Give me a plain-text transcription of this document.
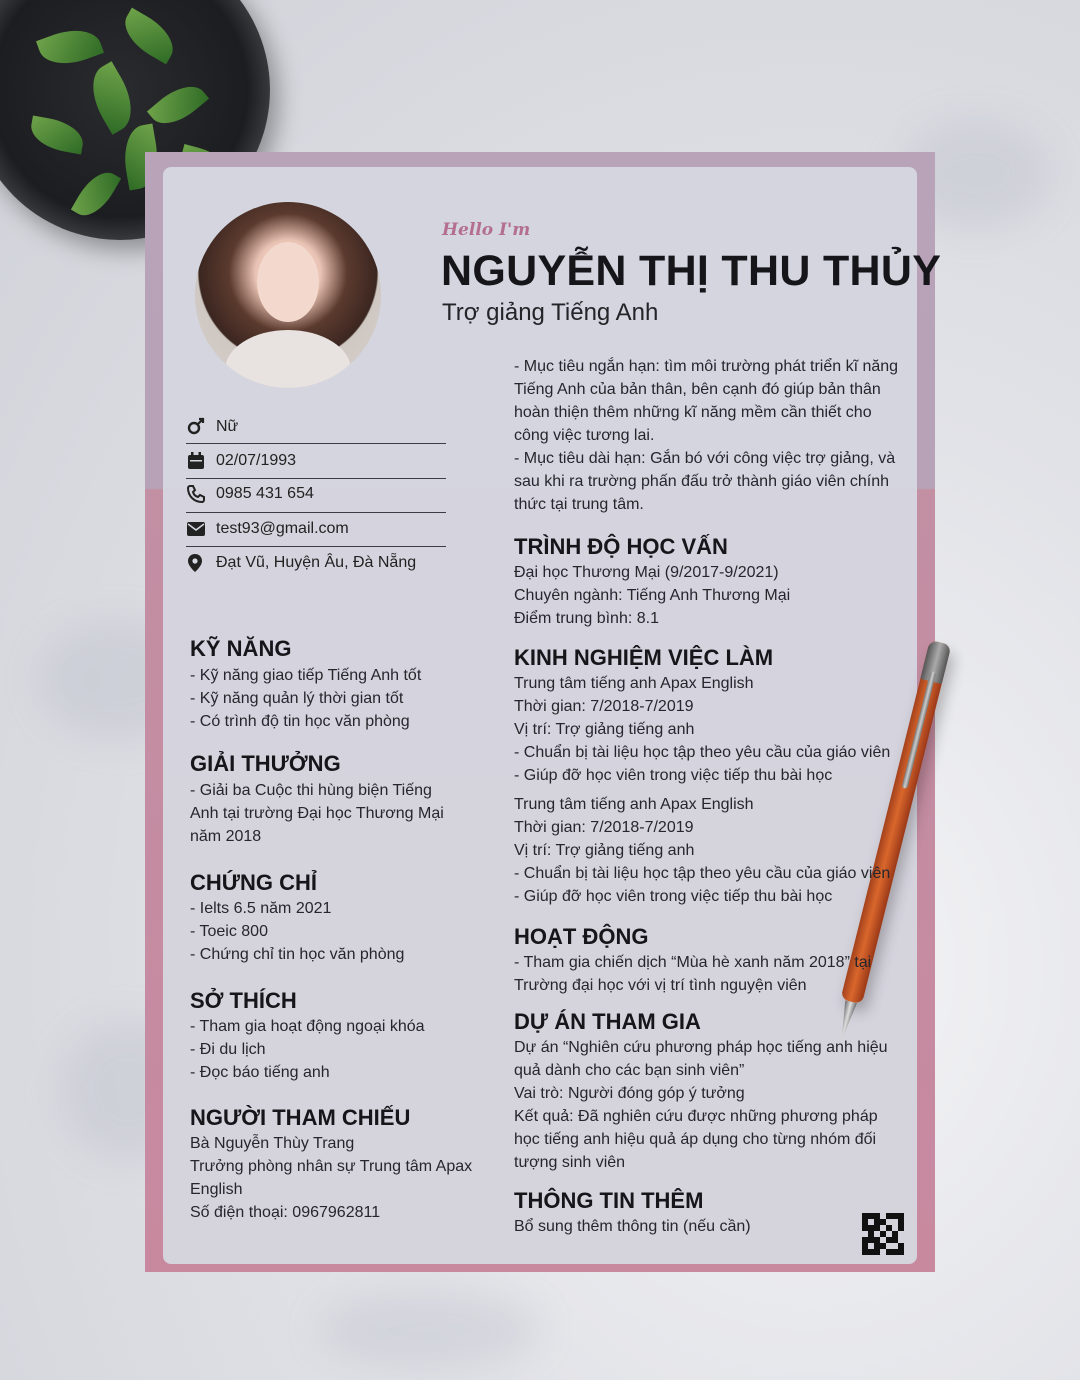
Hello I'm
NGUYỄN THỊ THU THỦY
Trợ giảng Tiếng Anh
Nữ
02/07/1993
0985 431 654
test93@gmail.com
Đạt Vũ, Huyện Âu, Đà Nẵng
- Mục tiêu ngắn hạn: tìm môi trường phát triển kĩ năng
Tiếng Anh của bản thân, bên cạnh đó giúp bản thân
hoàn thiện thêm những kĩ năng mềm cần thiết cho
công việc tương lai.
- Mục tiêu dài hạn: Gắn bó với công việc trợ giảng, và
sau khi ra trường phấn đấu trở thành giáo viên chính
thức tại trung tâm.
KỸ NĂNG
- Kỹ năng giao tiếp Tiếng Anh tốt
- Kỹ năng quản lý thời gian tốt
- Có trình độ tin học văn phòng
GIẢI THƯỞNG
- Giải ba Cuộc thi hùng biện Tiếng
Anh tại trường Đại học Thương Mại
năm 2018
CHỨNG CHỈ
- Ielts 6.5 năm 2021
- Toeic 800
- Chứng chỉ tin học văn phòng
SỞ THÍCH
- Tham gia hoạt động ngoại khóa
- Đi du lịch
- Đọc báo tiếng anh
NGƯỜI THAM CHIẾU
Bà Nguyễn Thùy Trang
Trưởng phòng nhân sự Trung tâm Apax
English
Số điện thoại: 0967962811
TRÌNH ĐỘ HỌC VẤN
Đại học Thương Mại (9/2017-9/2021)
Chuyên ngành: Tiếng Anh Thương Mại
Điểm trung bình: 8.1
KINH NGHIỆM VIỆC LÀM
Trung tâm tiếng anh Apax English
Thời gian: 7/2018-7/2019
Vị trí: Trợ giảng tiếng anh
- Chuẩn bị tài liệu học tập theo yêu cầu của giáo viên
- Giúp đỡ học viên trong việc tiếp thu bài học
Trung tâm tiếng anh Apax English
Thời gian: 7/2018-7/2019
Vị trí: Trợ giảng tiếng anh
- Chuẩn bị tài liệu học tập theo yêu cầu của giáo viên
- Giúp đỡ học viên trong việc tiếp thu bài học
HOẠT ĐỘNG
- Tham gia chiến dịch “Mùa hè xanh năm 2018” tại
Trường đại học với vị trí tình nguyện viên
DỰ ÁN THAM GIA
Dự án “Nghiên cứu phương pháp học tiếng anh hiệu
quả dành cho các bạn sinh viên”
Vai trò: Người đóng góp ý tưởng
Kết quả: Đã nghiên cứu được những phương pháp
học tiếng anh hiệu quả áp dụng cho từng nhóm đối
tượng sinh viên
THÔNG TIN THÊM
Bổ sung thêm thông tin (nếu cần)
